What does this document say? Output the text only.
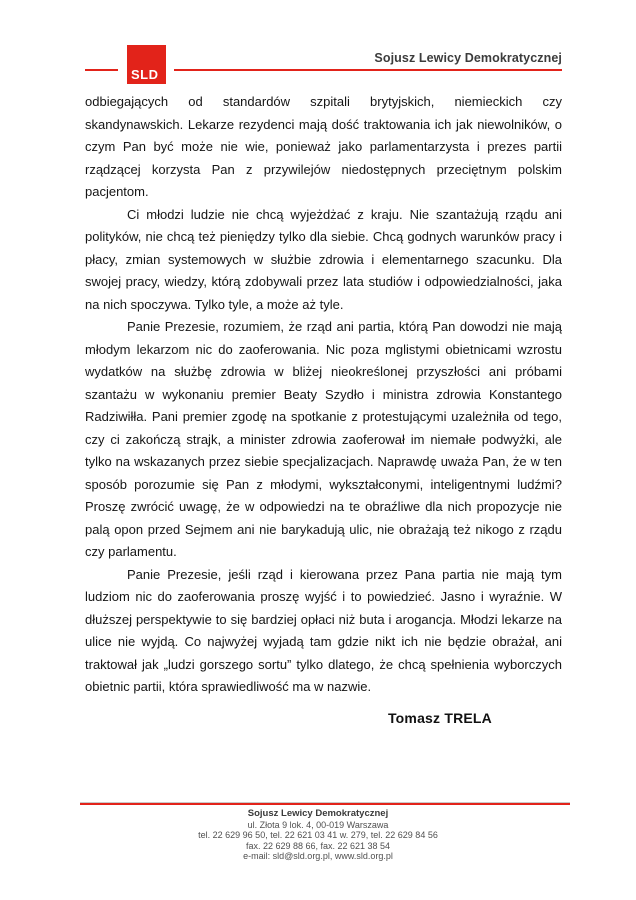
SLD
Sojusz Lewicy Demokratycznej

odbiegających od standardów szpitali brytyjskich, niemieckich czy skandynawskich. Lekarze rezydenci mają dość traktowania ich jak niewolników, o czym Pan być może nie wie, ponieważ jako parlamentarzysta i prezes partii rządzącej korzysta Pan z przywilejów niedostępnych przeciętnym polskim pacjentom.

Ci młodzi ludzie nie chcą wyjeżdżać z kraju. Nie szantażują rządu ani polityków, nie chcą też pieniędzy tylko dla siebie. Chcą godnych warunków pracy i płacy, zmian systemowych w służbie zdrowia i elementarnego szacunku. Dla swojej pracy, wiedzy, którą zdobywali przez lata studiów i odpowiedzialności, jaka na nich spoczywa. Tylko tyle, a może aż tyle.

Panie Prezesie, rozumiem, że rząd ani partia, którą Pan dowodzi nie mają młodym lekarzom nic do zaoferowania. Nic poza mglistymi obietnicami wzrostu wydatków na służbę zdrowia w bliżej nieokreślonej przyszłości ani próbami szantażu w wykonaniu premier Beaty Szydło i ministra zdrowia Konstantego Radziwiłła. Pani premier zgodę na spotkanie z protestującymi uzależniła od tego, czy ci zakończą strajk, a minister zdrowia zaoferował im niemałe podwyżki, ale tylko na wskazanych przez siebie specjalizacjach. Naprawdę uważa Pan, że w ten sposób porozumie się Pan z młodymi, wykształconymi, inteligentnymi ludźmi? Proszę zwrócić uwagę, że w odpowiedzi na te obraźliwe dla nich propozycje nie palą opon przed Sejmem ani nie barykadują ulic, nie obrażają też nikogo z rządu czy parlamentu.

Panie Prezesie, jeśli rząd i kierowana przez Pana partia nie mają tym ludziom nic do zaoferowania proszę wyjść i to powiedzieć. Jasno i wyraźnie. W dłuższej perspektywie to się bardziej opłaci niż buta i arogancja. Młodzi lekarze na ulice nie wyjdą. Co najwyżej wyjadą tam gdzie nikt ich nie będzie obrażał, ani traktował jak „ludzi gorszego sortu” tylko dlatego, że chcą spełnienia wyborczych obietnic partii, która sprawiedliwość ma w nazwie.

Tomasz TRELA
Sojusz Lewicy Demokratycznej
ul. Złota 9 lok. 4, 00-019 Warszawa
tel. 22 629 96 50, tel. 22 621 03 41 w. 279, tel. 22 629 84 56
fax. 22 629 88 66, fax. 22 621 38 54
e-mail: sld@sld.org.pl, www.sld.org.pl
